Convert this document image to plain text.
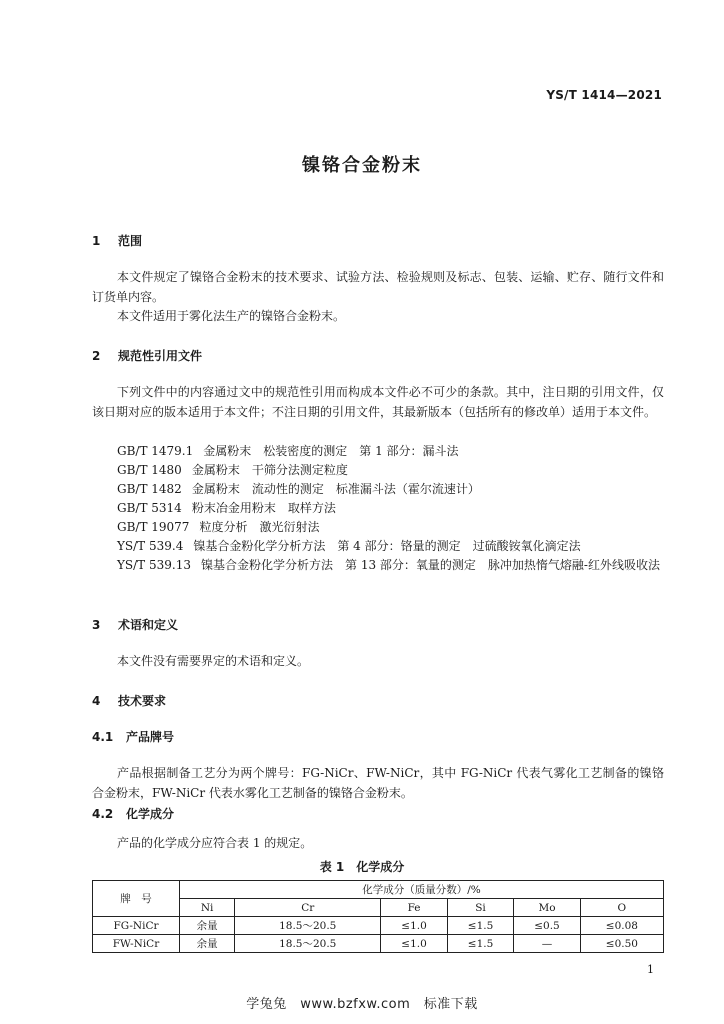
YS/T 1414—2021
镍铬合金粉末
1 范围
本文件规定了镍铬合金粉末的技术要求、试验方法、检验规则及标志、包装、运输、贮存、随行文件和订货单内容。
本文件适用于雾化法生产的镍铬合金粉末。
2 规范性引用文件
下列文件中的内容通过文中的规范性引用而构成本文件必不可少的条款。其中，注日期的引用文件，仅该日期对应的版本适用于本文件；不注日期的引用文件，其最新版本（包括所有的修改单）适用于本文件。
GB/T 1479.1 金属粉末　松装密度的测定　第 1 部分：漏斗法
GB/T 1480 金属粉末　干筛分法测定粒度
GB/T 1482 金属粉末　流动性的测定　标准漏斗法（霍尔流速计）
GB/T 5314 粉末冶金用粉末　取样方法
GB/T 19077 粒度分析　激光衍射法
YS/T 539.4 镍基合金粉化学分析方法　第 4 部分：铬量的测定　过硫酸铵氧化滴定法
YS/T 539.13 镍基合金粉化学分析方法　第 13 部分：氧量的测定　脉冲加热惰气熔融-红外线吸收法
3 术语和定义
本文件没有需要界定的术语和定义。
4 技术要求
4.1 产品牌号
产品根据制备工艺分为两个牌号：FG-NiCr、FW-NiCr，其中 FG-NiCr 代表气雾化工艺制备的镍铬合金粉末，FW-NiCr 代表水雾化工艺制备的镍铬合金粉末。
4.2 化学成分
产品的化学成分应符合表 1 的规定。
表 1　化学成分
牌　号	化学成分（质量分数）/%					
	Ni	Cr	Fe	Si	Mo	O
FG-NiCr	余量	18.5～20.5	≤1.0	≤1.5	≤0.5	≤0.08
FW-NiCr	余量	18.5～20.5	≤1.0	≤1.5	—	≤0.50
1
学兔兔　www.bzfxw.com　标准下载
